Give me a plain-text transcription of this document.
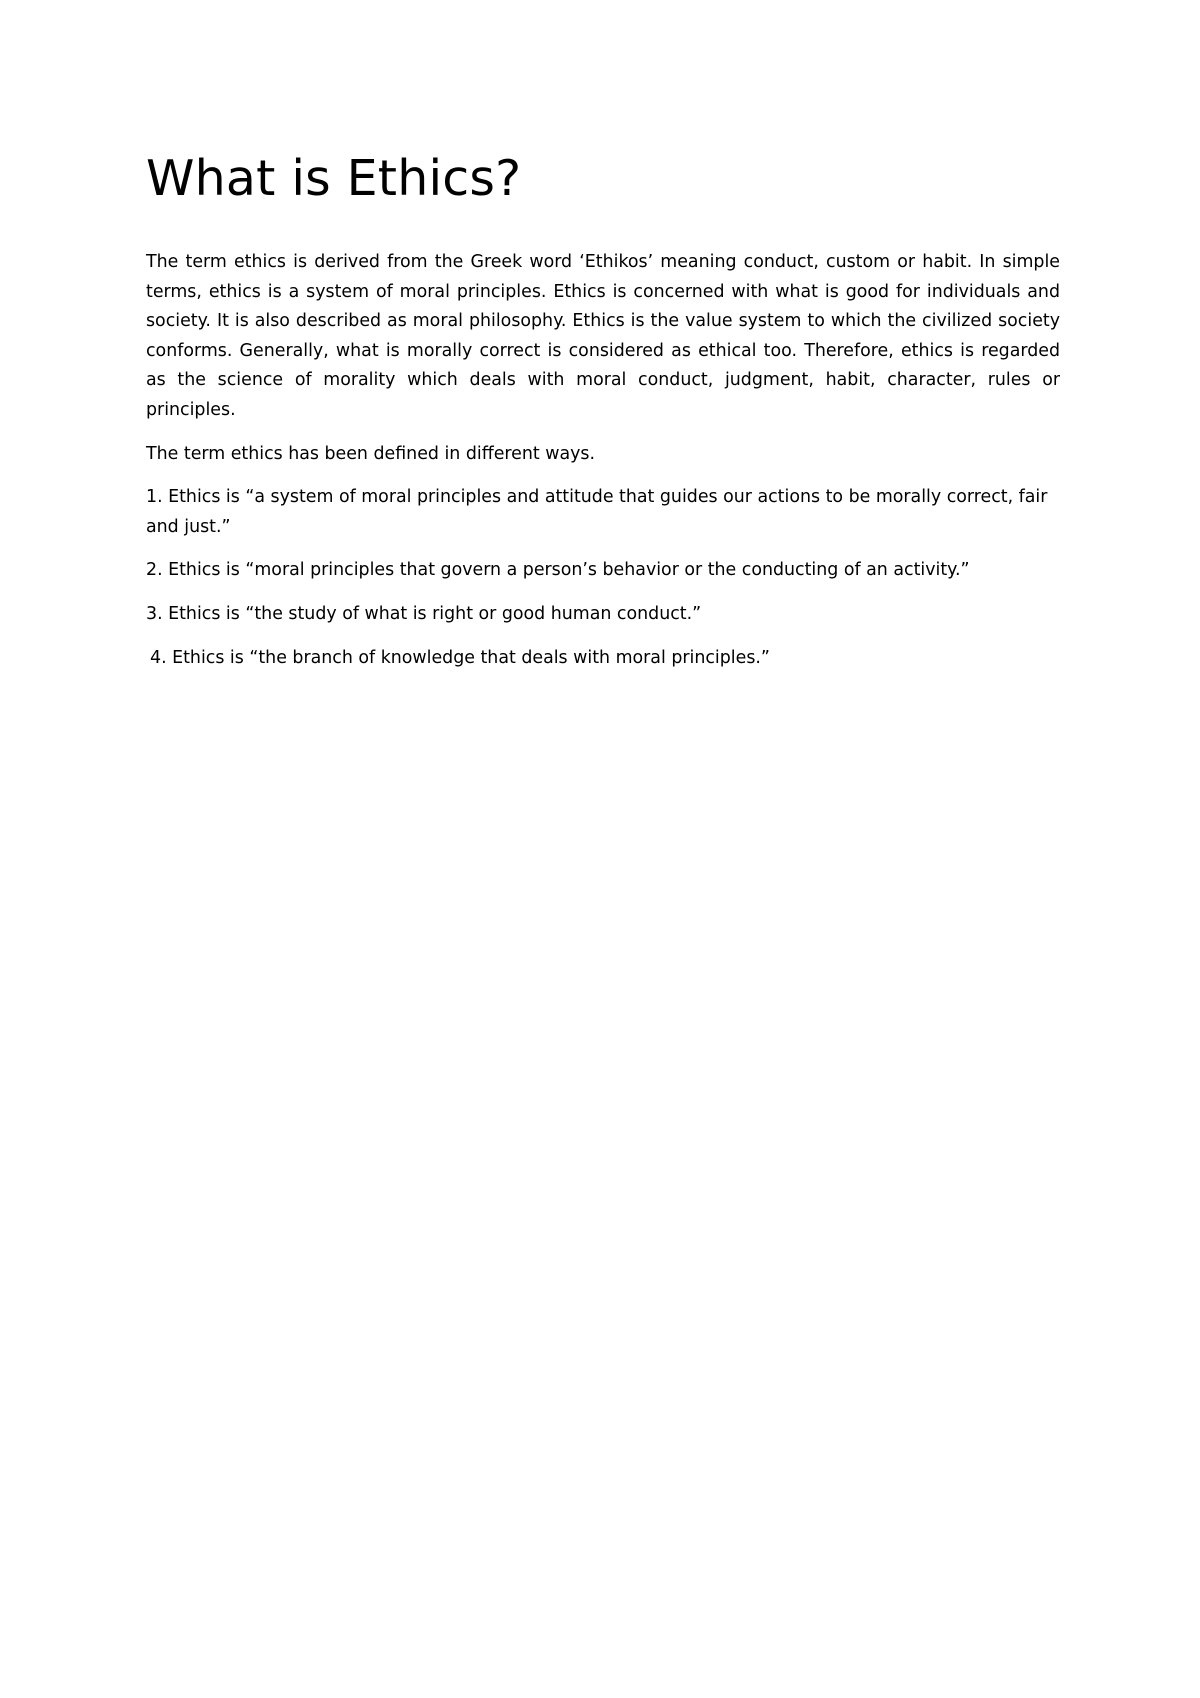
What is Ethics?

The term ethics is derived from the Greek word ‘Ethikos’ meaning conduct, custom or habit. In simple terms, ethics is a system of moral principles. Ethics is concerned with what is good for individuals and society. It is also described as moral philosophy. Ethics is the value system to which the civilized society conforms. Generally, what is morally correct is considered as ethical too. Therefore, ethics is regarded as the science of morality which deals with moral conduct, judgment, habit, character, rules or principles.

The term ethics has been defined in different ways.

1. Ethics is “a system of moral principles and attitude that guides our actions to be morally correct, fair and just.”

2. Ethics is “moral principles that govern a person’s behavior or the conducting of an activity.”

3. Ethics is “the study of what is right or good human conduct.”

4. Ethics is “the branch of knowledge that deals with moral principles.”
